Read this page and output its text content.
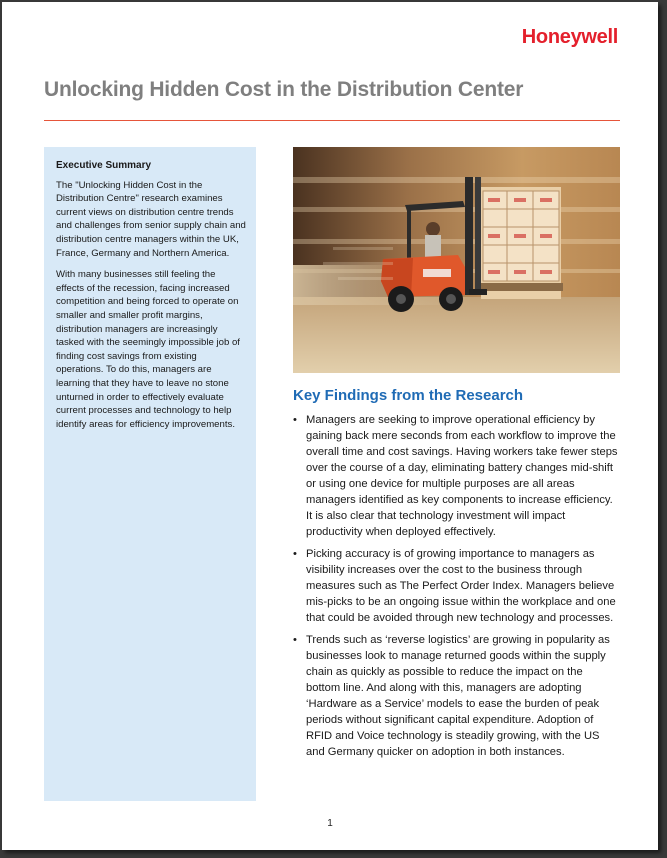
Honeywell
Unlocking Hidden Cost in the Distribution Center
Executive Summary

The "Unlocking Hidden Cost in the Distribution Centre" research examines current views on distribution centre trends and challenges from senior supply chain and distribution centre managers within the UK, France, Germany and Northern America.

With many businesses still feeling the effects of the recession, facing increased competition and being forced to operate on smaller and smaller profit margins, distribution managers are increasingly tasked with the seemingly impossible job of finding cost savings from existing operations. To do this, managers are learning that they have to leave no stone unturned in order to effectively evaluate current processes and technology to help identify areas for efficiency improvements.

Key Findings from the Research
• Managers are seeking to improve operational efficiency by gaining back mere seconds from each workflow to improve the overall time and cost savings. Having workers take fewer steps over the course of a day, eliminating battery changes mid-shift or using one device for multiple purposes are all areas managers identified as key components to increase efficiency. It is also clear that technology investment will impact productivity when deployed effectively.
• Picking accuracy is of growing importance to managers as visibility increases over the cost to the business through measures such as The Perfect Order Index. Managers believe mis-picks to be an ongoing issue within the workplace and one that could be avoided through new technology and processes.
• Trends such as ‘reverse logistics’ are growing in popularity as businesses look to manage returned goods within the supply chain as quickly as possible to reduce the impact on the bottom line. And along with this, managers are adopting ‘Hardware as a Service’ models to ease the burden of peak periods without significant capital expenditure. Adoption of RFID and Voice technology is steadily growing, with the US and Germany quicker on adoption in both instances.
1
